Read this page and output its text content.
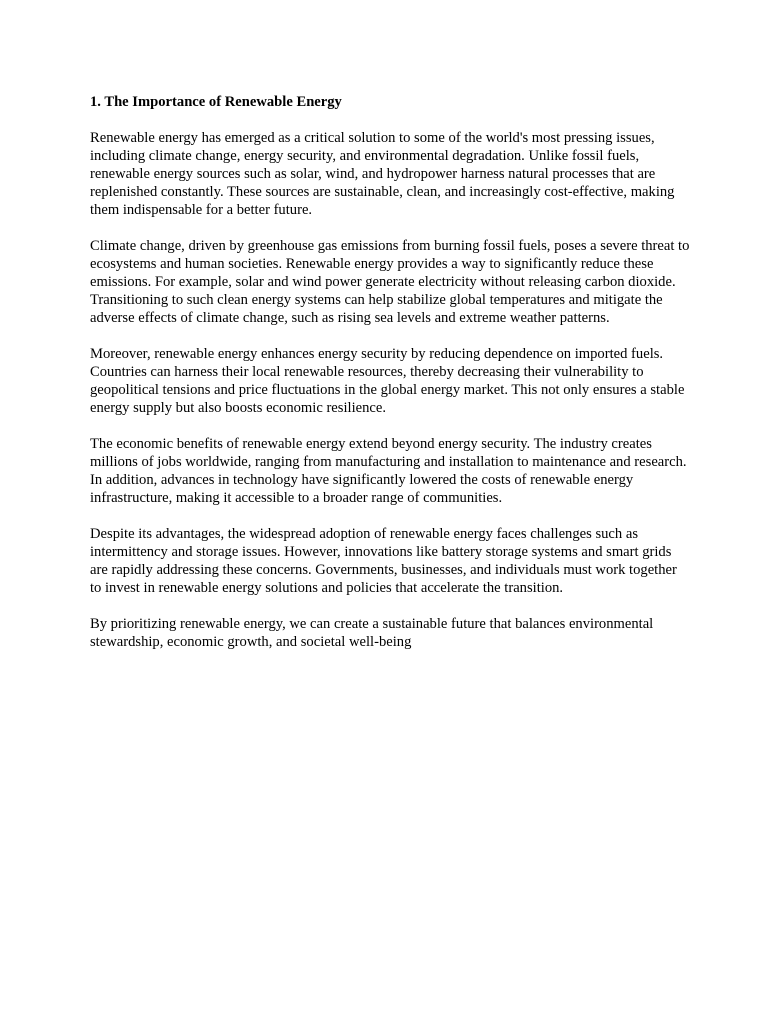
1. The Importance of Renewable Energy

Renewable energy has emerged as a critical solution to some of the world's most pressing issues, including climate change, energy security, and environmental degradation. Unlike fossil fuels, renewable energy sources such as solar, wind, and hydropower harness natural processes that are replenished constantly. These sources are sustainable, clean, and increasingly cost-effective, making them indispensable for a better future.

Climate change, driven by greenhouse gas emissions from burning fossil fuels, poses a severe threat to ecosystems and human societies. Renewable energy provides a way to significantly reduce these emissions. For example, solar and wind power generate electricity without releasing carbon dioxide. Transitioning to such clean energy systems can help stabilize global temperatures and mitigate the adverse effects of climate change, such as rising sea levels and extreme weather patterns.

Moreover, renewable energy enhances energy security by reducing dependence on imported fuels. Countries can harness their local renewable resources, thereby decreasing their vulnerability to geopolitical tensions and price fluctuations in the global energy market. This not only ensures a stable energy supply but also boosts economic resilience.

The economic benefits of renewable energy extend beyond energy security. The industry creates millions of jobs worldwide, ranging from manufacturing and installation to maintenance and research. In addition, advances in technology have significantly lowered the costs of renewable energy infrastructure, making it accessible to a broader range of communities.

Despite its advantages, the widespread adoption of renewable energy faces challenges such as intermittency and storage issues. However, innovations like battery storage systems and smart grids are rapidly addressing these concerns. Governments, businesses, and individuals must work together to invest in renewable energy solutions and policies that accelerate the transition.

By prioritizing renewable energy, we can create a sustainable future that balances environmental stewardship, economic growth, and societal well-being
